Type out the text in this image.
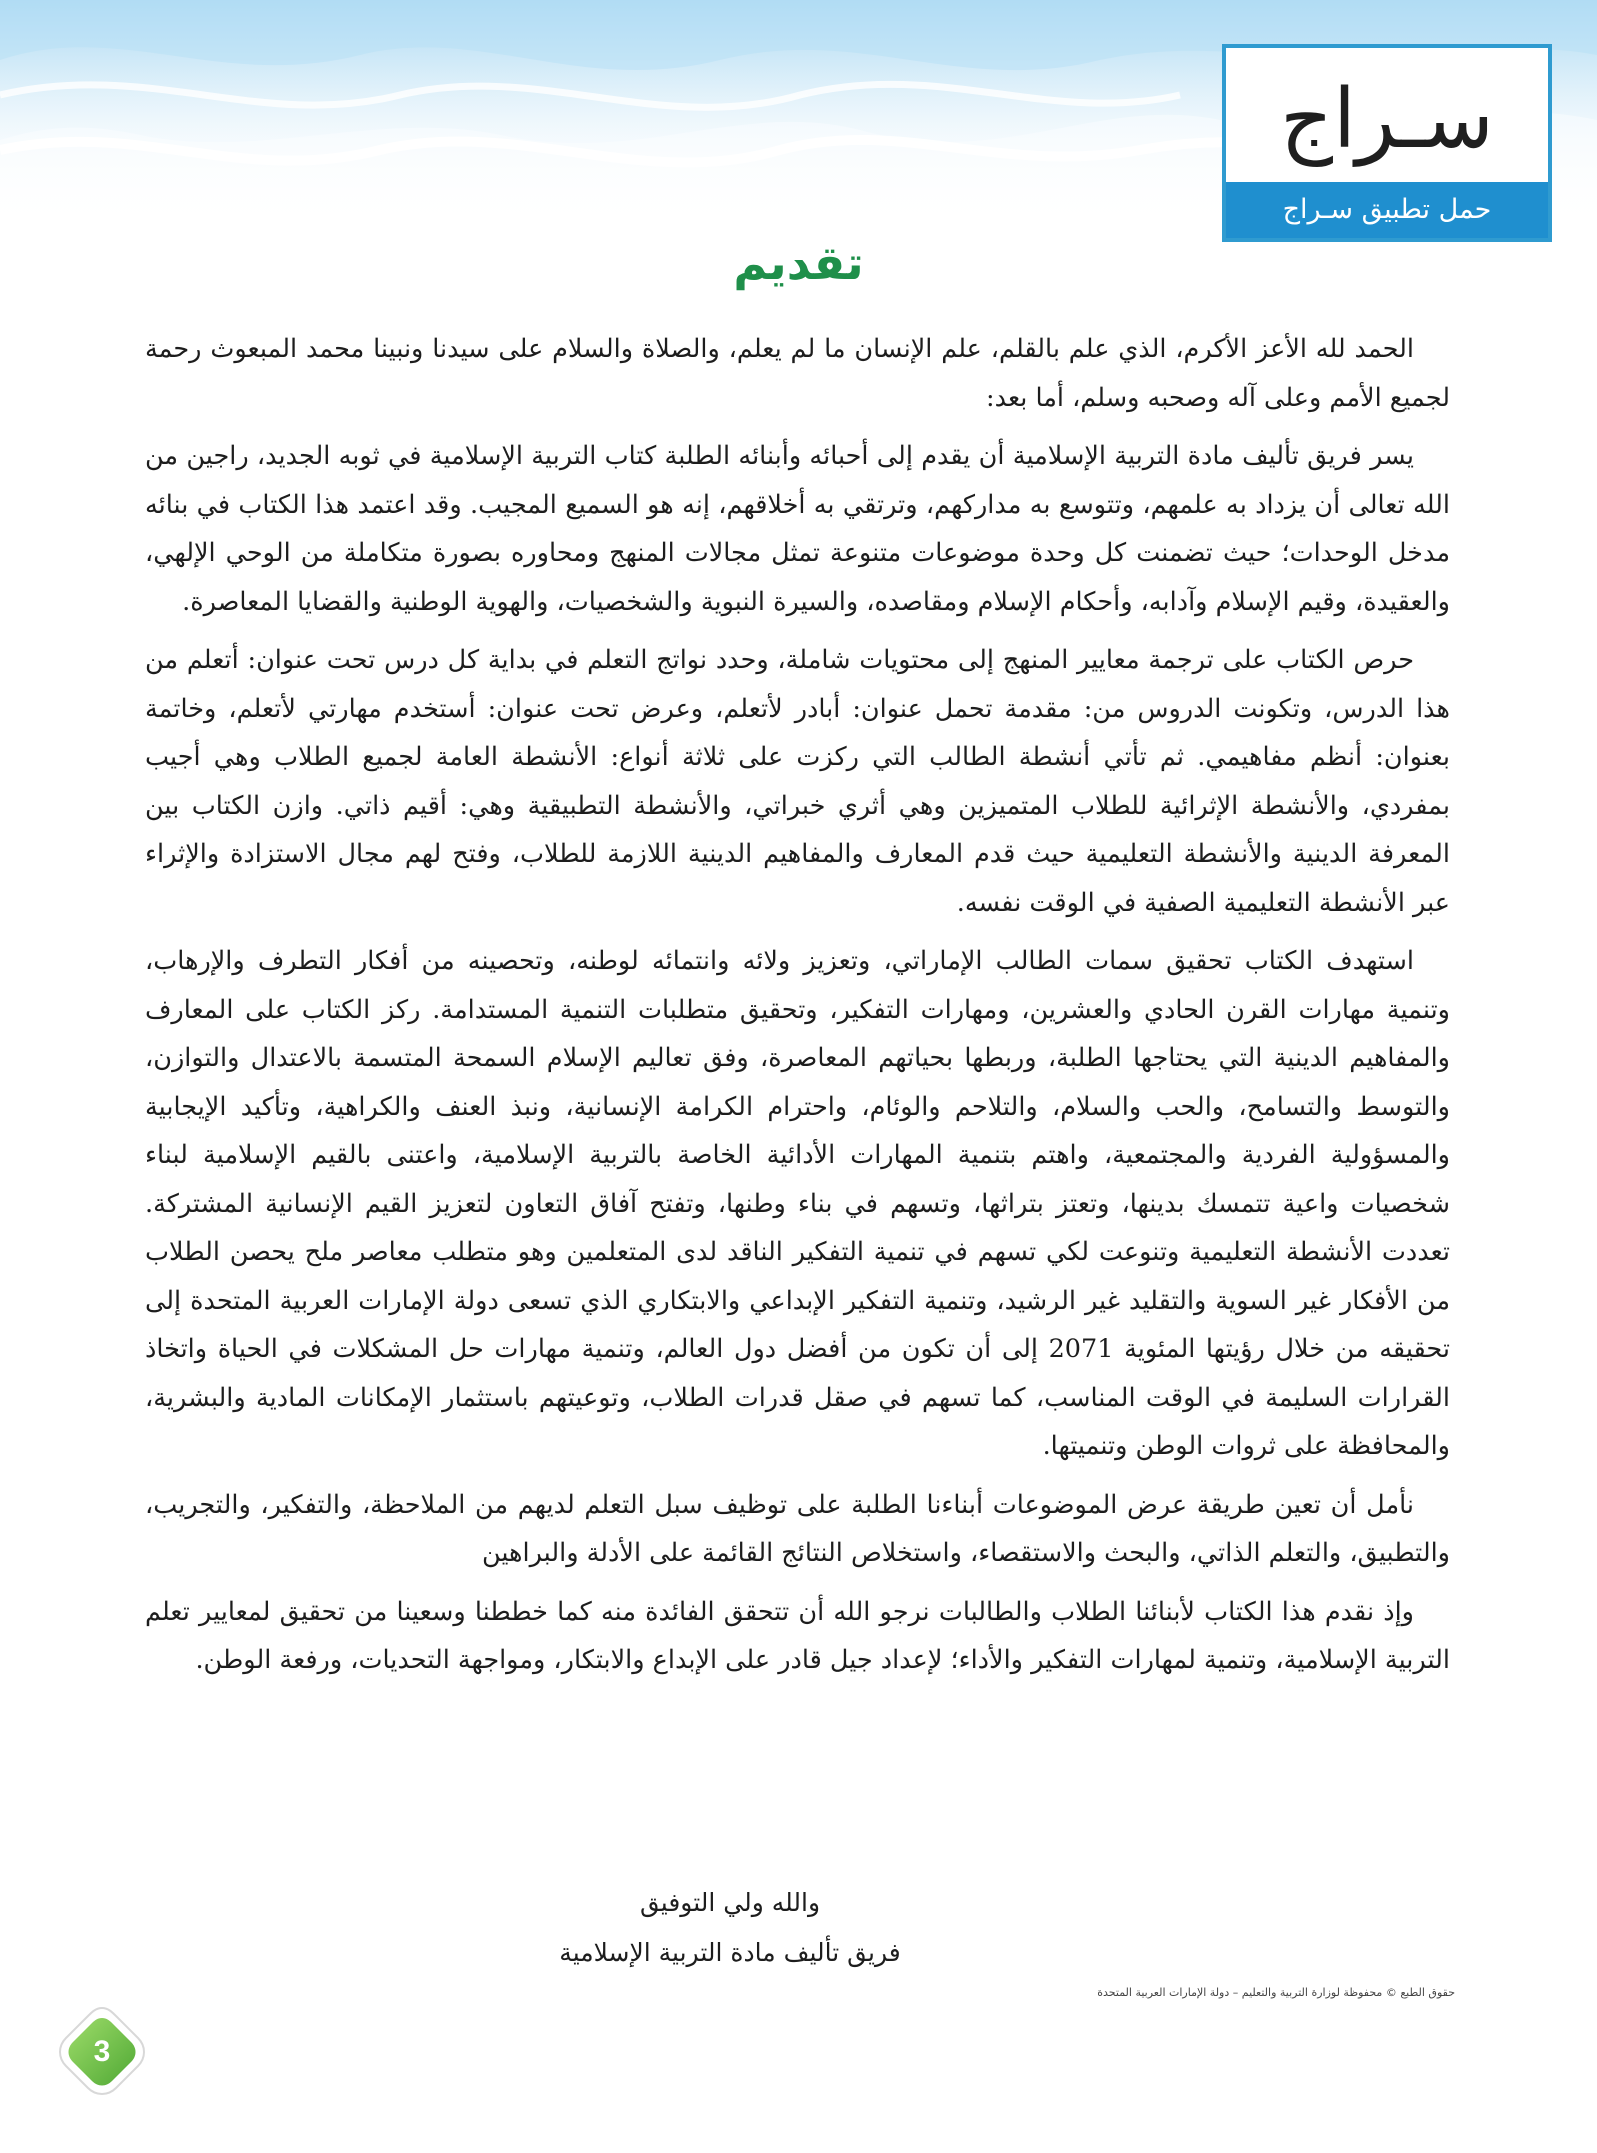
سـراج
حمل تطبيق سـراج
تقديم

الحمد لله الأعز الأكرم، الذي علم بالقلم، علم الإنسان ما لم يعلم، والصلاة والسلام على سيدنا ونبينا محمد المبعوث رحمة لجميع الأمم وعلى آله وصحبه وسلم، أما بعد:

يسر فريق تأليف مادة التربية الإسلامية أن يقدم إلى أحبائه وأبنائه الطلبة كتاب التربية الإسلامية في ثوبه الجديد، راجين من الله تعالى أن يزداد به علمهم، وتتوسع به مداركهم، وترتقي به أخلاقهم، إنه هو السميع المجيب. وقد اعتمد هذا الكتاب في بنائه مدخل الوحدات؛ حيث تضمنت كل وحدة موضوعات متنوعة تمثل مجالات المنهج ومحاوره بصورة متكاملة من الوحي الإلهي، والعقيدة، وقيم الإسلام وآدابه، وأحكام الإسلام ومقاصده، والسيرة النبوية والشخصيات، والهوية الوطنية والقضايا المعاصرة.

حرص الكتاب على ترجمة معايير المنهج إلى محتويات شاملة، وحدد نواتج التعلم في بداية كل درس تحت عنوان: أتعلم من هذا الدرس، وتكونت الدروس من: مقدمة تحمل عنوان: أبادر لأتعلم، وعرض تحت عنوان: أستخدم مهارتي لأتعلم، وخاتمة بعنوان: أنظم مفاهيمي. ثم تأتي أنشطة الطالب التي ركزت على ثلاثة أنواع: الأنشطة العامة لجميع الطلاب وهي أجيب بمفردي، والأنشطة الإثرائية للطلاب المتميزين وهي أثري خبراتي، والأنشطة التطبيقية وهي: أقيم ذاتي. وازن الكتاب بين المعرفة الدينية والأنشطة التعليمية حيث قدم المعارف والمفاهيم الدينية اللازمة للطلاب، وفتح لهم مجال الاستزادة والإثراء عبر الأنشطة التعليمية الصفية في الوقت نفسه.

استهدف الكتاب تحقيق سمات الطالب الإماراتي، وتعزيز ولائه وانتمائه لوطنه، وتحصينه من أفكار التطرف والإرهاب، وتنمية مهارات القرن الحادي والعشرين، ومهارات التفكير، وتحقيق متطلبات التنمية المستدامة. ركز الكتاب على المعارف والمفاهيم الدينية التي يحتاجها الطلبة، وربطها بحياتهم المعاصرة، وفق تعاليم الإسلام السمحة المتسمة بالاعتدال والتوازن، والتوسط والتسامح، والحب والسلام، والتلاحم والوئام، واحترام الكرامة الإنسانية، ونبذ العنف والكراهية، وتأكيد الإيجابية والمسؤولية الفردية والمجتمعية، واهتم بتنمية المهارات الأدائية الخاصة بالتربية الإسلامية، واعتنى بالقيم الإسلامية لبناء شخصيات واعية تتمسك بدينها، وتعتز بتراثها، وتسهم في بناء وطنها، وتفتح آفاق التعاون لتعزيز القيم الإنسانية المشتركة. تعددت الأنشطة التعليمية وتنوعت لكي تسهم في تنمية التفكير الناقد لدى المتعلمين وهو متطلب معاصر ملح يحصن الطلاب من الأفكار غير السوية والتقليد غير الرشيد، وتنمية التفكير الإبداعي والابتكاري الذي تسعى دولة الإمارات العربية المتحدة إلى تحقيقه من خلال رؤيتها المئوية 2071 إلى أن تكون من أفضل دول العالم، وتنمية مهارات حل المشكلات في الحياة واتخاذ القرارات السليمة في الوقت المناسب، كما تسهم في صقل قدرات الطلاب، وتوعيتهم باستثمار الإمكانات المادية والبشرية، والمحافظة على ثروات الوطن وتنميتها.

نأمل أن تعين طريقة عرض الموضوعات أبناءنا الطلبة على توظيف سبل التعلم لديهم من الملاحظة، والتفكير، والتجريب، والتطبيق، والتعلم الذاتي، والبحث والاستقصاء، واستخلاص النتائج القائمة على الأدلة والبراهين

وإذ نقدم هذا الكتاب لأبنائنا الطلاب والطالبات نرجو الله أن تتحقق الفائدة منه كما خططنا وسعينا من تحقيق لمعايير تعلم التربية الإسلامية، وتنمية لمهارات التفكير والأداء؛ لإعداد جيل قادر على الإبداع والابتكار، ومواجهة التحديات، ورفعة الوطن.

والله ولي التوفيق
فريق تأليف مادة التربية الإسلامية
حقوق الطبع © محفوظة لوزارة التربية والتعليم – دولة الإمارات العربية المتحدة
3
